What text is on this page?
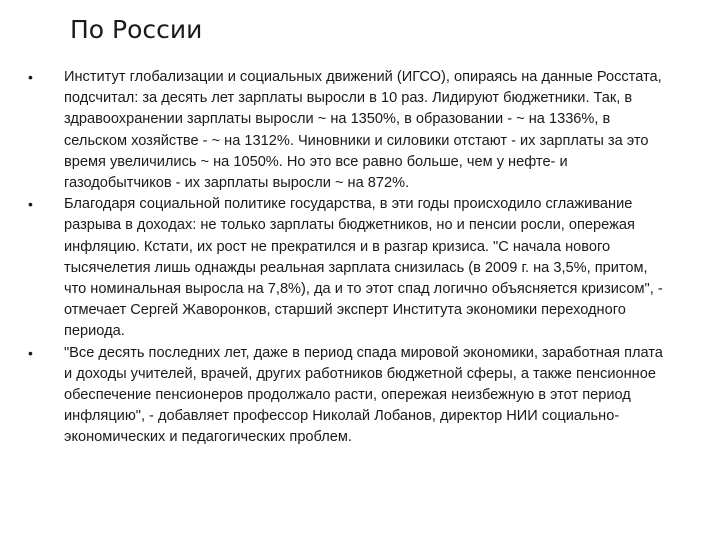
По России
•	Институт глобализации и социальных движений (ИГСО), опираясь на данные Росстата, подсчитал: за десять лет зарплаты выросли в 10 раз. Лидируют бюджетники. Так, в здравоохранении зарплаты выросли ~ на 1350%, в образовании - ~ на 1336%, в сельском хозяйстве - ~ на 1312%. Чиновники и силовики отстают - их зарплаты за это время увеличились ~ на 1050%. Но это все равно больше, чем у нефте- и газодобытчиков - их зарплаты выросли ~ на 872%.
•	Благодаря социальной политике государства, в эти годы происходило сглаживание разрыва в доходах: не только зарплаты бюджетников, но и пенсии росли, опережая инфляцию. Кстати, их рост не прекратился и в разгар кризиса. "С начала нового тысячелетия лишь однажды реальная зарплата снизилась (в 2009 г. на 3,5%, притом, что номинальная выросла на 7,8%), да и то этот спад логично объясняется кризисом", - отмечает Сергей Жаворонков, старший эксперт Института экономики переходного периода.
•	"Все десять последних лет, даже в период спада мировой экономики, заработная плата и доходы учителей, врачей, других работников бюджетной сферы, а также пенсионное обеспечение пенсионеров продолжало расти, опережая неизбежную в этот период инфляцию", - добавляет профессор Николай Лобанов, директор НИИ социально-экономических и педагогических проблем.
